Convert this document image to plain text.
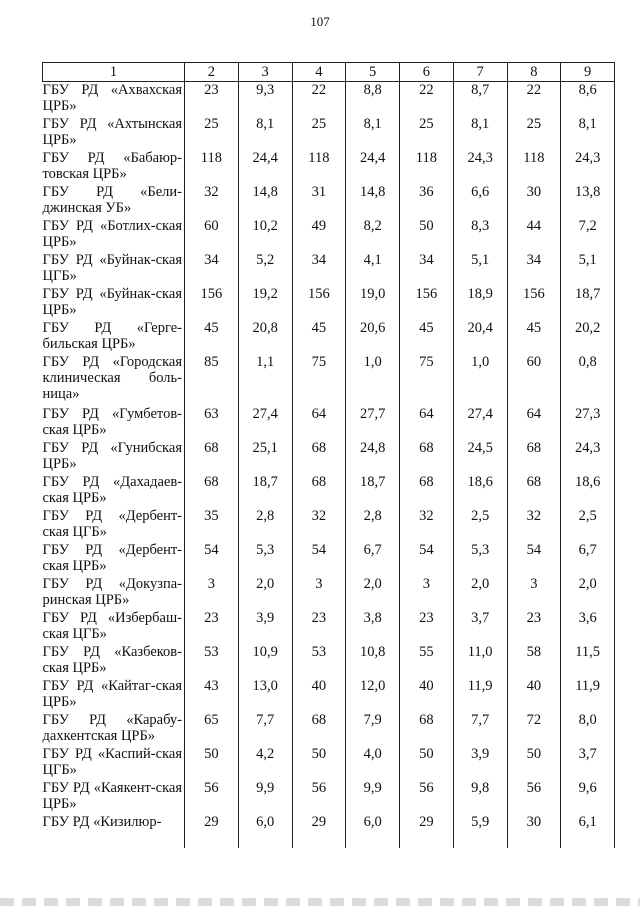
107
1	2	3	4	5	6	7	8	9
ГБУ РД «Ахвахская ЦРБ»	23	9,3	22	8,8	22	8,7	22	8,6
ГБУ РД «Ахтынская ЦРБ»	25	8,1	25	8,1	25	8,1	25	8,1
ГБУ РД «Бабаюр-товская ЦРБ»	118	24,4	118	24,4	118	24,3	118	24,3
ГБУ РД «Бели-джинская УБ»	32	14,8	31	14,8	36	6,6	30	13,8
ГБУ РД «Ботлих-ская ЦРБ»	60	10,2	49	8,2	50	8,3	44	7,2
ГБУ РД «Буйнак-ская ЦГБ»	34	5,2	34	4,1	34	5,1	34	5,1
ГБУ РД «Буйнак-ская ЦРБ»	156	19,2	156	19,0	156	18,9	156	18,7
ГБУ РД «Герге-бильская ЦРБ»	45	20,8	45	20,6	45	20,4	45	20,2
ГБУ РД «Городская клиническая боль-ница»	85	1,1	75	1,0	75	1,0	60	0,8
ГБУ РД «Гумбетов-ская ЦРБ»	63	27,4	64	27,7	64	27,4	64	27,3
ГБУ РД «Гунибская ЦРБ»	68	25,1	68	24,8	68	24,5	68	24,3
ГБУ РД «Дахадаев-ская ЦРБ»	68	18,7	68	18,7	68	18,6	68	18,6
ГБУ РД «Дербент-ская ЦГБ»	35	2,8	32	2,8	32	2,5	32	2,5
ГБУ РД «Дербент-ская ЦРБ»	54	5,3	54	6,7	54	5,3	54	6,7
ГБУ РД «Докузпа-ринская ЦРБ»	3	2,0	3	2,0	3	2,0	3	2,0
ГБУ РД «Избербаш-ская ЦГБ»	23	3,9	23	3,8	23	3,7	23	3,6
ГБУ РД «Казбеков-ская ЦРБ»	53	10,9	53	10,8	55	11,0	58	11,5
ГБУ РД «Кайтаг-ская ЦРБ»	43	13,0	40	12,0	40	11,9	40	11,9
ГБУ РД «Карабу-дахкентская ЦРБ»	65	7,7	68	7,9	68	7,7	72	8,0
ГБУ РД «Каспий-ская ЦГБ»	50	4,2	50	4,0	50	3,9	50	3,7
ГБУ РД «Каякент-ская ЦРБ»	56	9,9	56	9,9	56	9,8	56	9,6
ГБУ РД «Кизилюр-	29	6,0	29	6,0	29	5,9	30	6,1
